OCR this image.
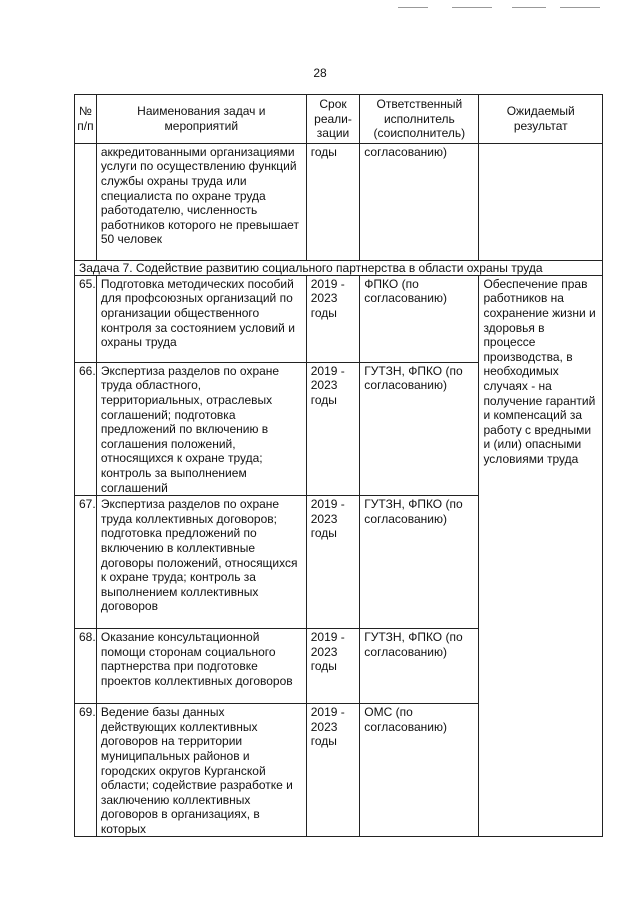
28
№ п/п	Наименования задач и мероприятий	Срок реали-зации	Ответственный исполнитель (соисполнитель)	Ожидаемый результат
	аккредитованными организациями услуги по осуществлению функций службы охраны труда или специалиста по охране труда работодателю, численность работников которого не превышает 50 человек	годы	согласованию)	
Задача 7. Содействие развитию социального партнерства в области охраны труда				
65.	Подготовка методических пособий для профсоюзных организаций по организации общественного контроля за состоянием условий и охраны труда	2019 - 2023 годы	ФПКО (по согласованию)	Обеспечение прав работников на сохранение жизни и здоровья в процессе производства, в необходимых случаях - на получение гарантий и компенсаций за работу с вредными и (или) опасными условиями труда
66.	Экспертиза разделов по охране труда областного, территориальных, отраслевых соглашений; подготовка предложений по включению в соглашения положений, относящихся к охране труда; контроль за выполнением соглашений	2019 - 2023 годы	ГУТЗН, ФПКО (по согласованию)	
67.	Экспертиза разделов по охране труда коллективных договоров; подготовка предложений по включению в коллективные договоры положений, относящихся к охране труда; контроль за выполнением коллективных договоров	2019 - 2023 годы	ГУТЗН, ФПКО (по согласованию)	
68.	Оказание консультационной помощи сторонам социального партнерства при подготовке проектов коллективных договоров	2019 - 2023 годы	ГУТЗН, ФПКО (по согласованию)	
69.	Ведение базы данных действующих коллективных договоров на территории муниципальных районов и городских округов Курганской области; содействие разработке и заключению коллективных договоров в организациях, в которых	2019 - 2023 годы	ОМС (по согласованию)	
